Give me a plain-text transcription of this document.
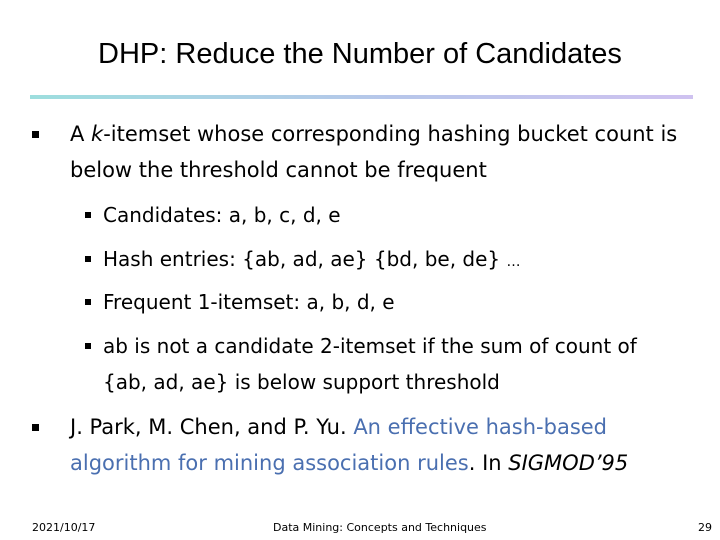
DHP: Reduce the Number of Candidates
A k-itemset whose corresponding hashing bucket count is
below the threshold cannot be frequent
Candidates: a, b, c, d, e
Hash entries: {ab, ad, ae} {bd, be, de} …
Frequent 1-itemset: a, b, d, e
ab is not a candidate 2-itemset if the sum of count of
{ab, ad, ae} is below support threshold
J. Park, M. Chen, and P. Yu. An effective hash-based
algorithm for mining association rules. In SIGMOD’95
2021/10/17	Data Mining: Concepts and Techniques	29
